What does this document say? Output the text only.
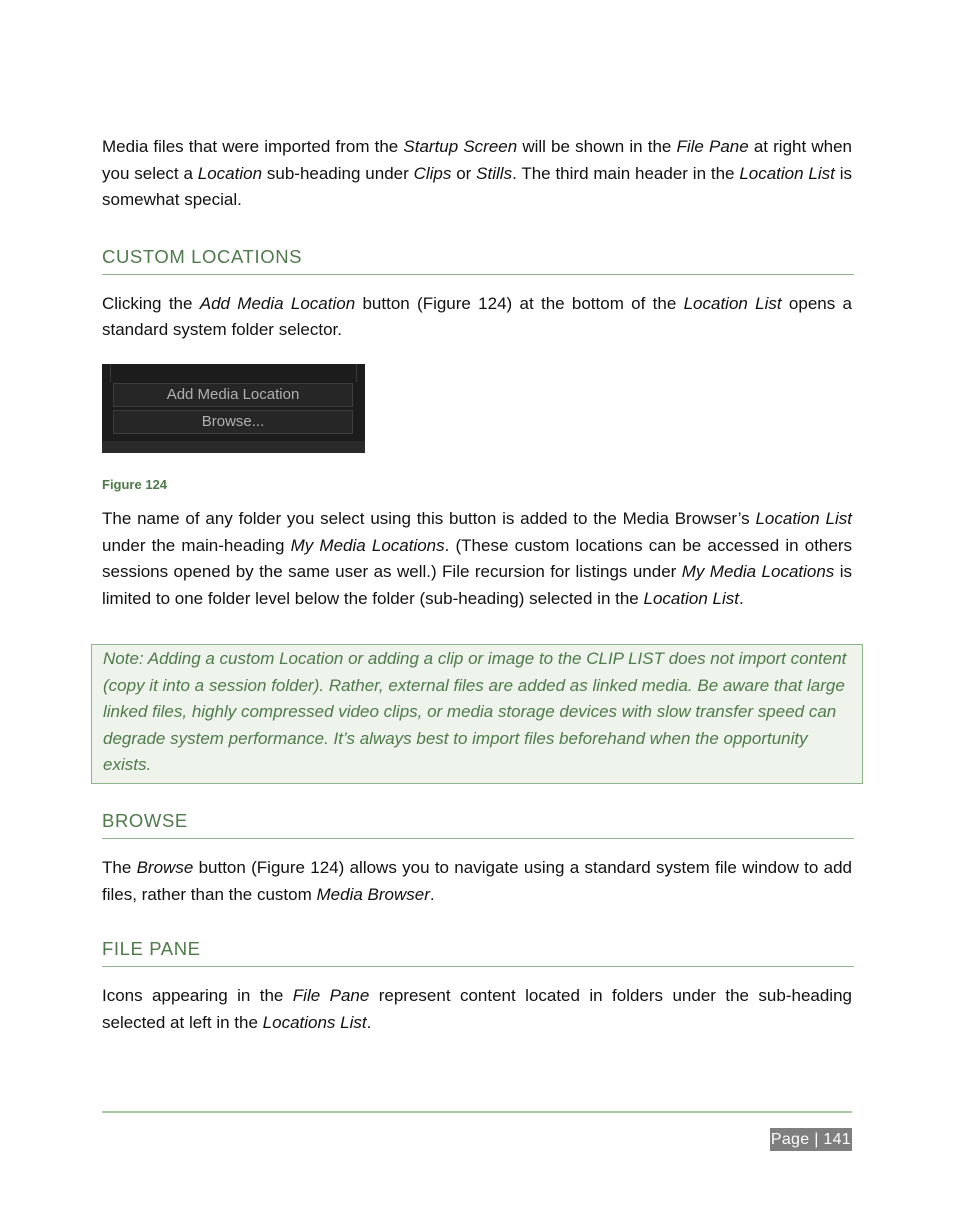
Media files that were imported from the Startup Screen will be shown in the File Pane at right when you select a Location sub-heading under Clips or Stills. The third main header in the Location List is somewhat special.

CUSTOM LOCATIONS

Clicking the Add Media Location button (Figure 124) at the bottom of the Location List opens a standard system folder selector.

Add Media Location
Browse...
Figure 124

The name of any folder you select using this button is added to the Media Browser’s Location List under the main-heading My Media Locations. (These custom locations can be accessed in others sessions opened by the same user as well.) File recursion for listings under My Media Locations is limited to one folder level below the folder (sub-heading) selected in the Location List.

Note: Adding a custom Location or adding a clip or image to the CLIP LIST does not import content (copy it into a session folder). Rather, external files are added as linked media. Be aware that large linked files, highly compressed video clips, or media storage devices with slow transfer speed can degrade system performance. It’s always best to import files beforehand when the opportunity exists.
BROWSE

The Browse button (Figure 124) allows you to navigate using a standard system file window to add files, rather than the custom Media Browser.

FILE PANE

Icons appearing in the File Pane represent content located in folders under the sub-heading selected at left in the Locations List.

Page | 141
